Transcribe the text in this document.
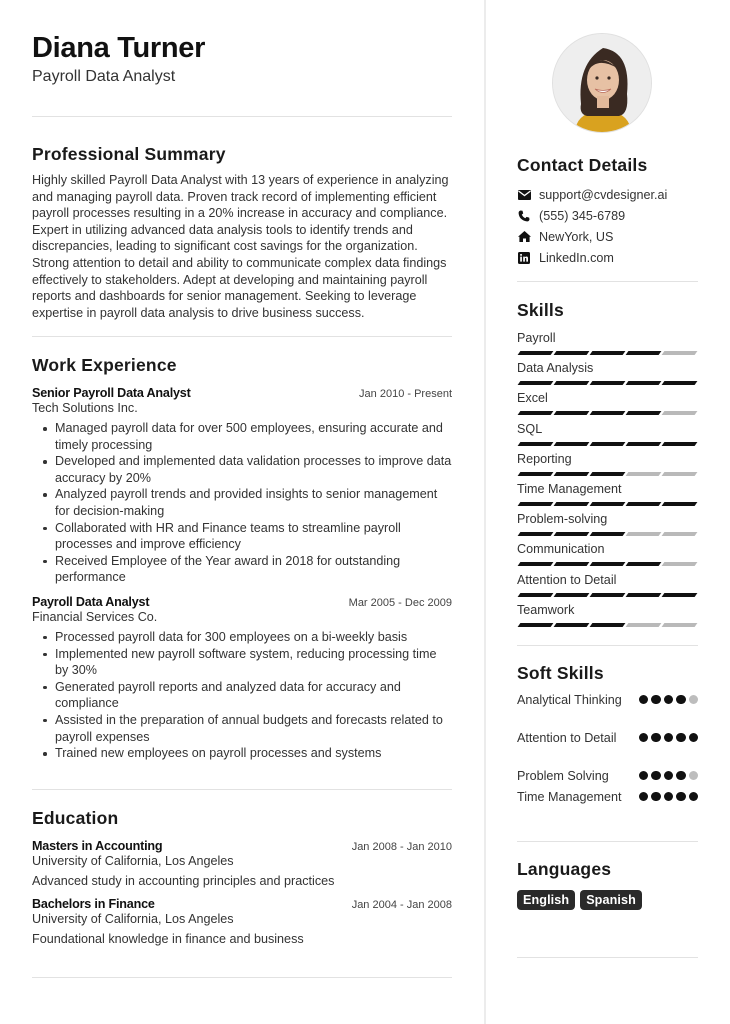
Diana Turner
Payroll Data Analyst
Professional Summary

Highly skilled Payroll Data Analyst with 13 years of experience in analyzing and managing payroll data. Proven track record of implementing efficient payroll processes resulting in a 20% increase in accuracy and compliance. Expert in utilizing advanced data analysis tools to identify trends and discrepancies, leading to significant cost savings for the organization. Strong attention to detail and ability to communicate complex data findings effectively to stakeholders. Adept at developing and maintaining payroll reports and dashboards for senior management. Seeking to leverage expertise in payroll data analysis to drive business success.

Work Experience
Senior Payroll Data Analyst	Jan 2010 - Present
Tech Solutions Inc.
Managed payroll data for over 500 employees, ensuring accurate and timely processing
Developed and implemented data validation processes to improve data accuracy by 20%
Analyzed payroll trends and provided insights to senior management for decision-making
Collaborated with HR and Finance teams to streamline payroll processes and improve efficiency
Received Employee of the Year award in 2018 for outstanding performance
Payroll Data Analyst	Mar 2005 - Dec 2009
Financial Services Co.
Processed payroll data for 300 employees on a bi-weekly basis
Implemented new payroll software system, reducing processing time by 30%
Generated payroll reports and analyzed data for accuracy and compliance
Assisted in the preparation of annual budgets and forecasts related to payroll expenses
Trained new employees on payroll processes and systems
Education
Masters in Accounting	Jan 2008 - Jan 2010
University of California, Los Angeles
Advanced study in accounting principles and practices
Bachelors in Finance	Jan 2004 - Jan 2008
University of California, Los Angeles
Foundational knowledge in finance and business
Contact Details
support@cvdesigner.ai
(555) 345-6789
NewYork, US
LinkedIn.com
Skills
Payroll
Data Analysis
Excel
SQL
Reporting
Time Management
Problem-solving
Communication
Attention to Detail
Teamwork
Soft Skills
Analytical Thinking
Attention to Detail
Problem Solving
Time Management
Languages
English	Spanish
